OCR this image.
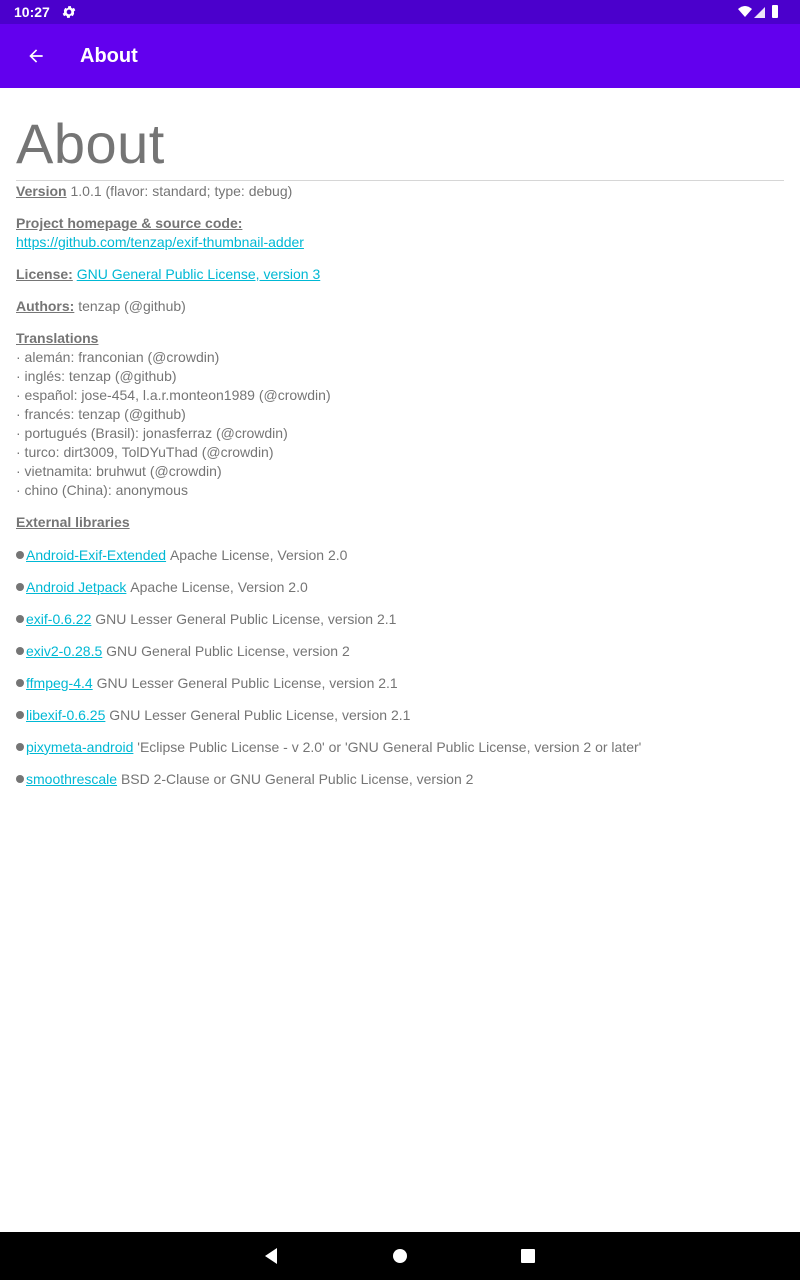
10:27
About
About
Version 1.0.1 (flavor: standard; type: debug)
Project homepage & source code:
https://github.com/tenzap/exif-thumbnail-adder
License: GNU General Public License, version 3
Authors: tenzap (@github)
Translations
· alemán: franconian (@crowdin)
· inglés: tenzap (@github)
· español: jose-454, l.a.r.monteon1989 (@crowdin)
· francés: tenzap (@github)
· portugués (Brasil): jonasferraz (@crowdin)
· turco: dirt3009, TolDYuThad (@crowdin)
· vietnamita: bruhwut (@crowdin)
· chino (China): anonymous
External libraries
Android-Exif-Extended
Apache License, Version 2.0
Android Jetpack
Apache License, Version 2.0
exif-0.6.22
GNU Lesser General Public License, version 2.1
exiv2-0.28.5
GNU General Public License, version 2
ffmpeg-4.4
GNU Lesser General Public License, version 2.1
libexif-0.6.25
GNU Lesser General Public License, version 2.1
pixymeta-android
'Eclipse Public License - v 2.0' or 'GNU General Public License, version 2 or later'
smoothrescale
BSD 2-Clause or GNU General Public License, version 2
